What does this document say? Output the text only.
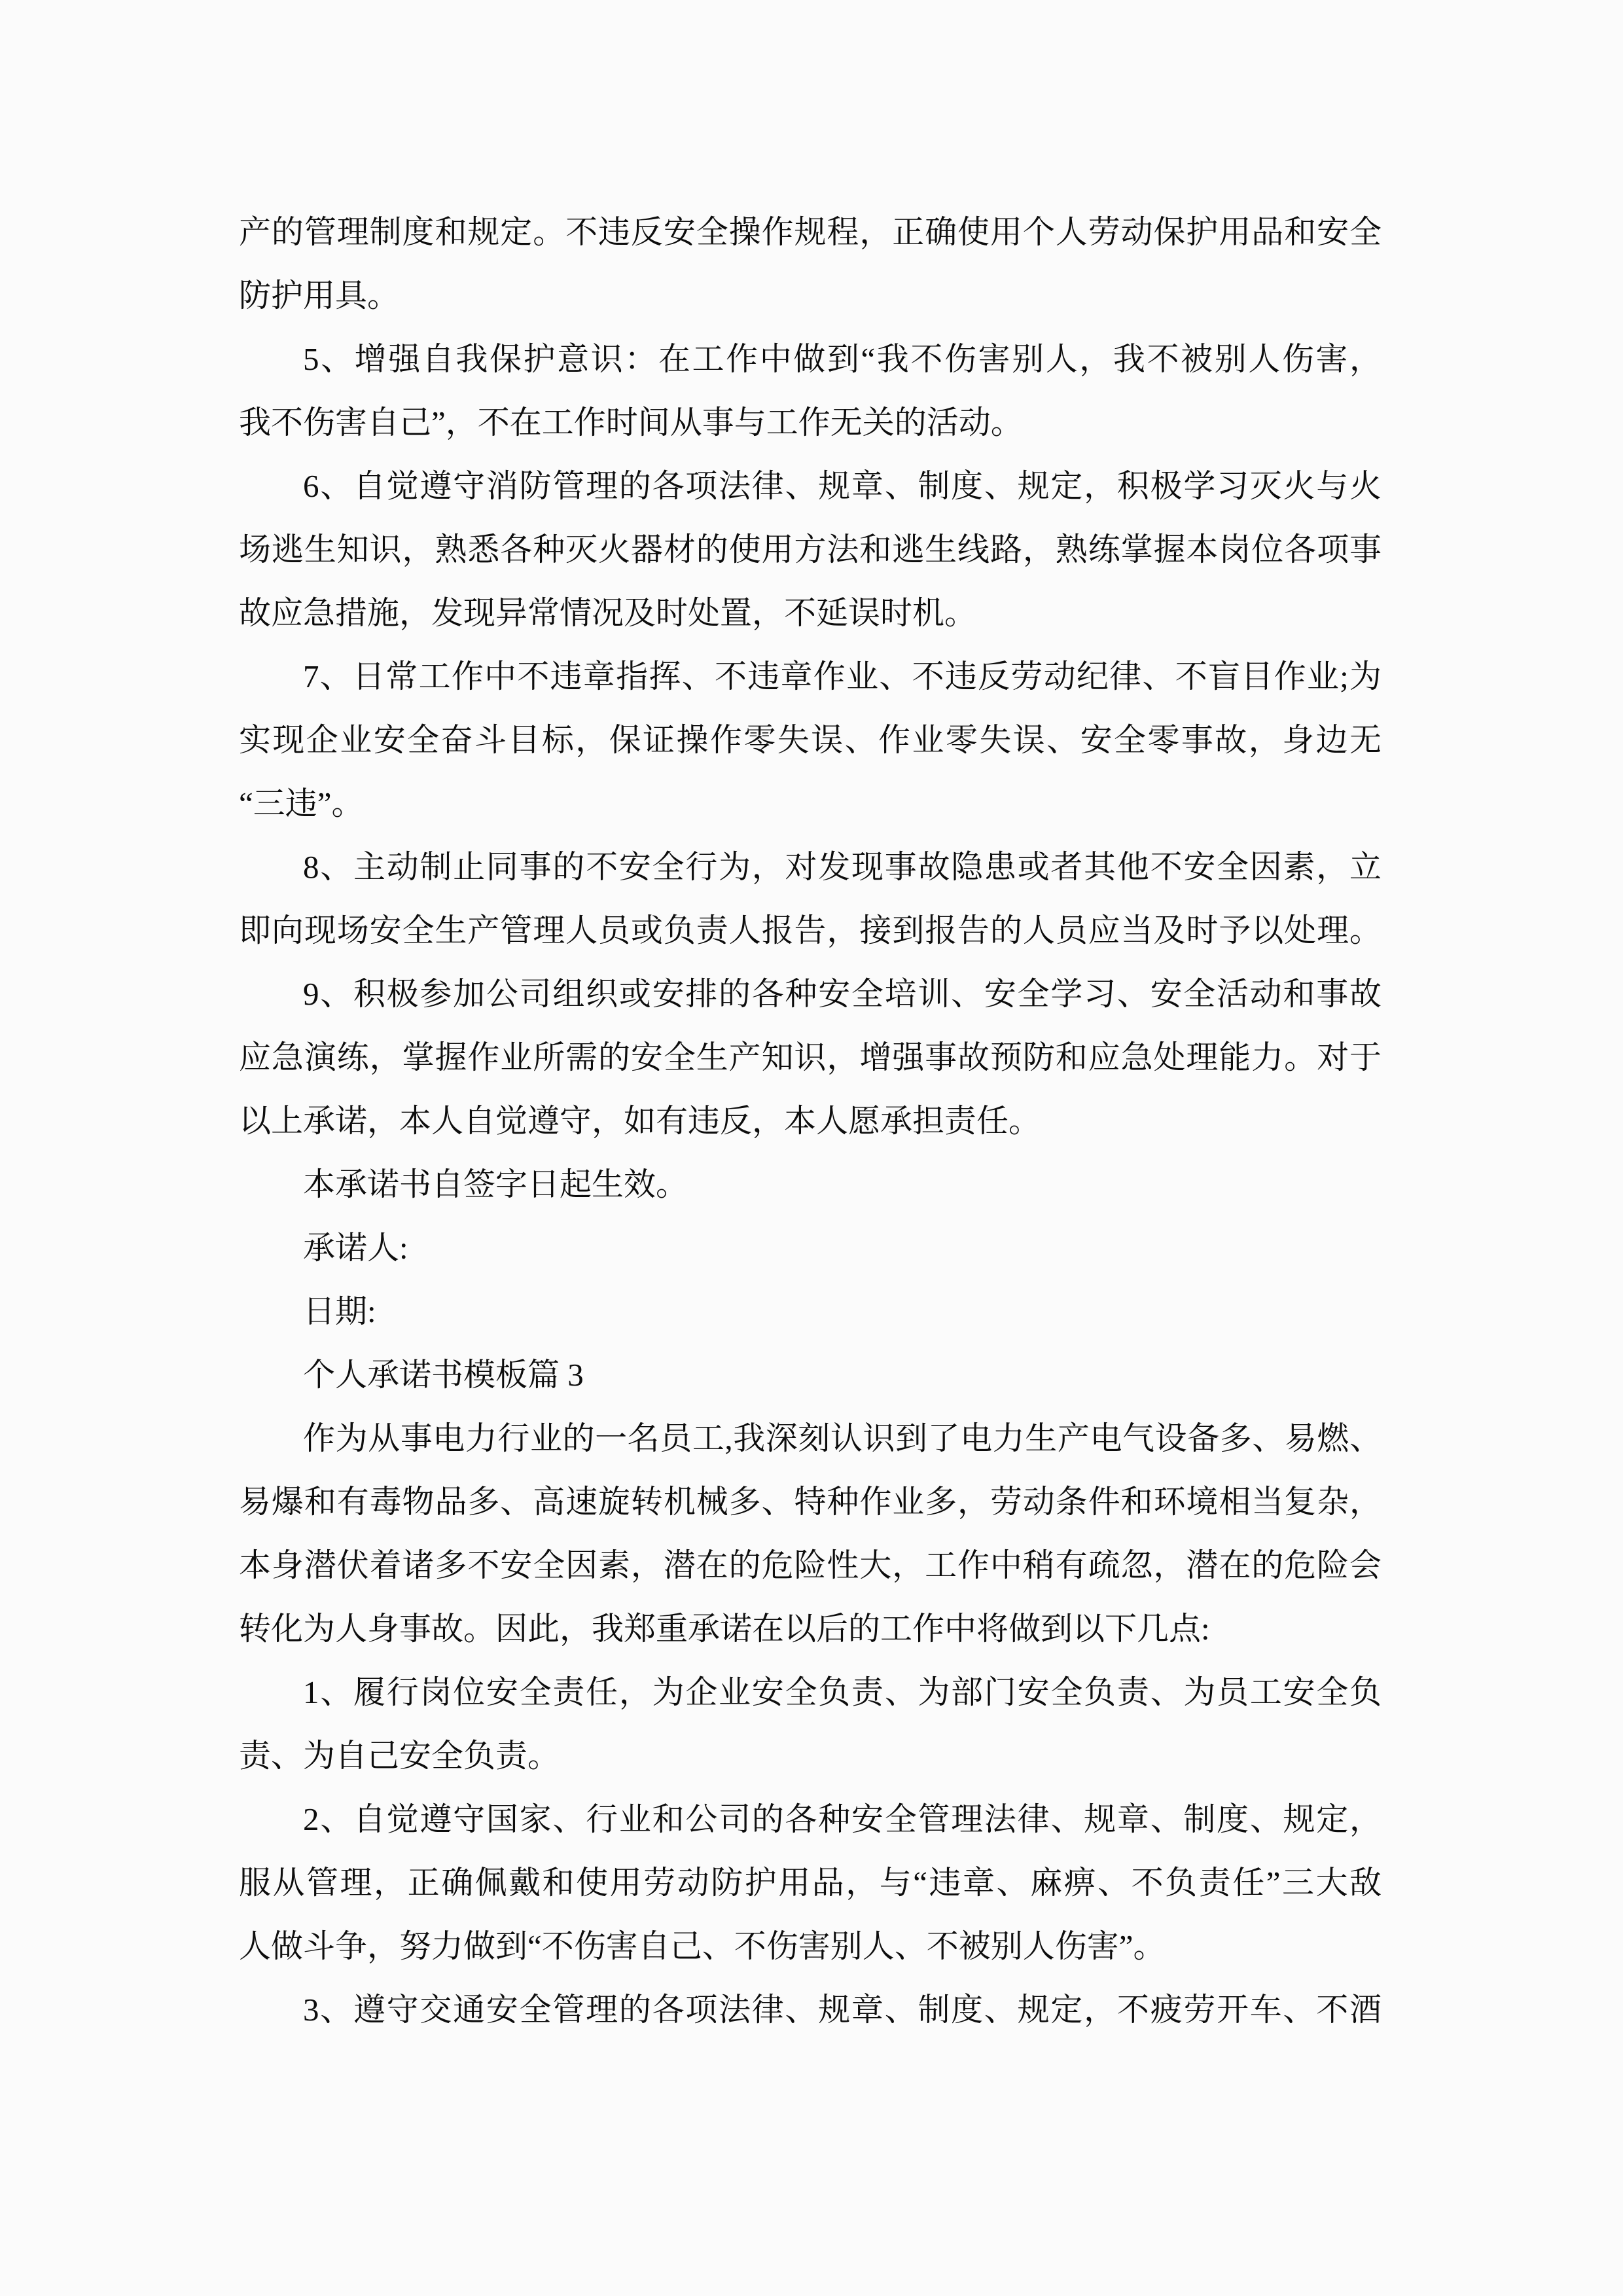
产的管理制度和规定。不违反安全操作规程，正确使用个人劳动保护用品和安全
防护用具。
5、增强自我保护意识：在工作中做到“我不伤害别人，我不被别人伤害，
我不伤害自己”，不在工作时间从事与工作无关的活动。
6、自觉遵守消防管理的各项法律、规章、制度、规定，积极学习灭火与火
场逃生知识，熟悉各种灭火器材的使用方法和逃生线路，熟练掌握本岗位各项事
故应急措施，发现异常情况及时处置，不延误时机。
7、日常工作中不违章指挥、不违章作业、不违反劳动纪律、不盲目作业;为
实现企业安全奋斗目标，保证操作零失误、作业零失误、安全零事故，身边无
“三违”。
8、主动制止同事的不安全行为，对发现事故隐患或者其他不安全因素，立
即向现场安全生产管理人员或负责人报告，接到报告的人员应当及时予以处理。
9、积极参加公司组织或安排的各种安全培训、安全学习、安全活动和事故
应急演练，掌握作业所需的安全生产知识，增强事故预防和应急处理能力。对于
以上承诺，本人自觉遵守，如有违反，本人愿承担责任。
本承诺书自签字日起生效。
承诺人:
日期:
个人承诺书模板篇 3
作为从事电力行业的一名员工,我深刻认识到了电力生产电气设备多、易燃、
易爆和有毒物品多、高速旋转机械多、特种作业多，劳动条件和环境相当复杂，
本身潜伏着诸多不安全因素，潜在的危险性大，工作中稍有疏忽，潜在的危险会
转化为人身事故。因此，我郑重承诺在以后的工作中将做到以下几点:
1、履行岗位安全责任，为企业安全负责、为部门安全负责、为员工安全负
责、为自己安全负责。
2、自觉遵守国家、行业和公司的各种安全管理法律、规章、制度、规定，
服从管理，正确佩戴和使用劳动防护用品，与“违章、麻痹、不负责任”三大敌
人做斗争，努力做到“不伤害自己、不伤害别人、不被别人伤害”。
3、遵守交通安全管理的各项法律、规章、制度、规定，不疲劳开车、不酒
